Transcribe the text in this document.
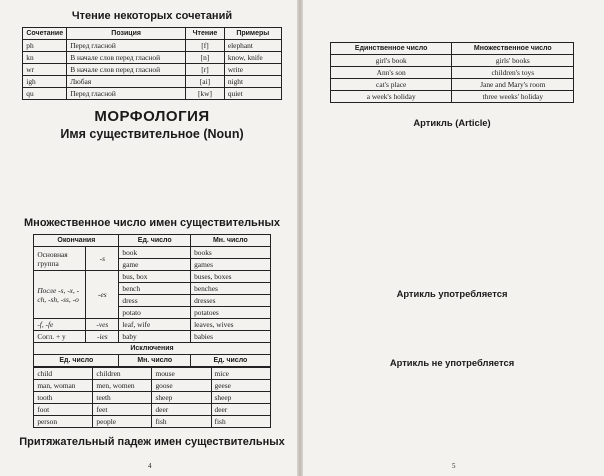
Чтение некоторых сочетаний
Сочетание	Позиция	Чтение	Примеры
ph	Перед гласной	[f]	elephant
kn	В начале слов перед гласной	[n]	know, knife
wr	В начале слов перед гласной	[r]	write
igh	Любая	[ai]	night
qu	Перед гласной	[kw]	quiet
МОРФОЛОГИЯ
Имя существительное (Noun)
Множественное число имен существительных
Окончания		Ед. число	Мн. число
Основная группа	-s	book	books
		game	games
После -s, -x, -ch, -sh, -ss, -o	-es	bus, box	buses, boxes
		bench	benches
		dress	dresses
		potato	potatoes
-f, -fe	-ves	leaf, wife	leaves, wives
Согл. + y	-ies	baby	babies
Исключения			
Ед. число		Мн. число	Ед. число
child	children	mouse	mice
man, woman	men, women	goose	geese
tooth	teeth	sheep	sheep
foot	feet	deer	deer
person	people	fish	fish
Притяжательный падеж имен существительных
4
Единственное число	Множественное число
girl's book	girls' books
Ann's son	children's toys
cat's place	Jane and Mary's room
a week's holiday	three weeks' holiday
Артикль (Article)
Артикль употребляется
Артикль не употребляется
5
